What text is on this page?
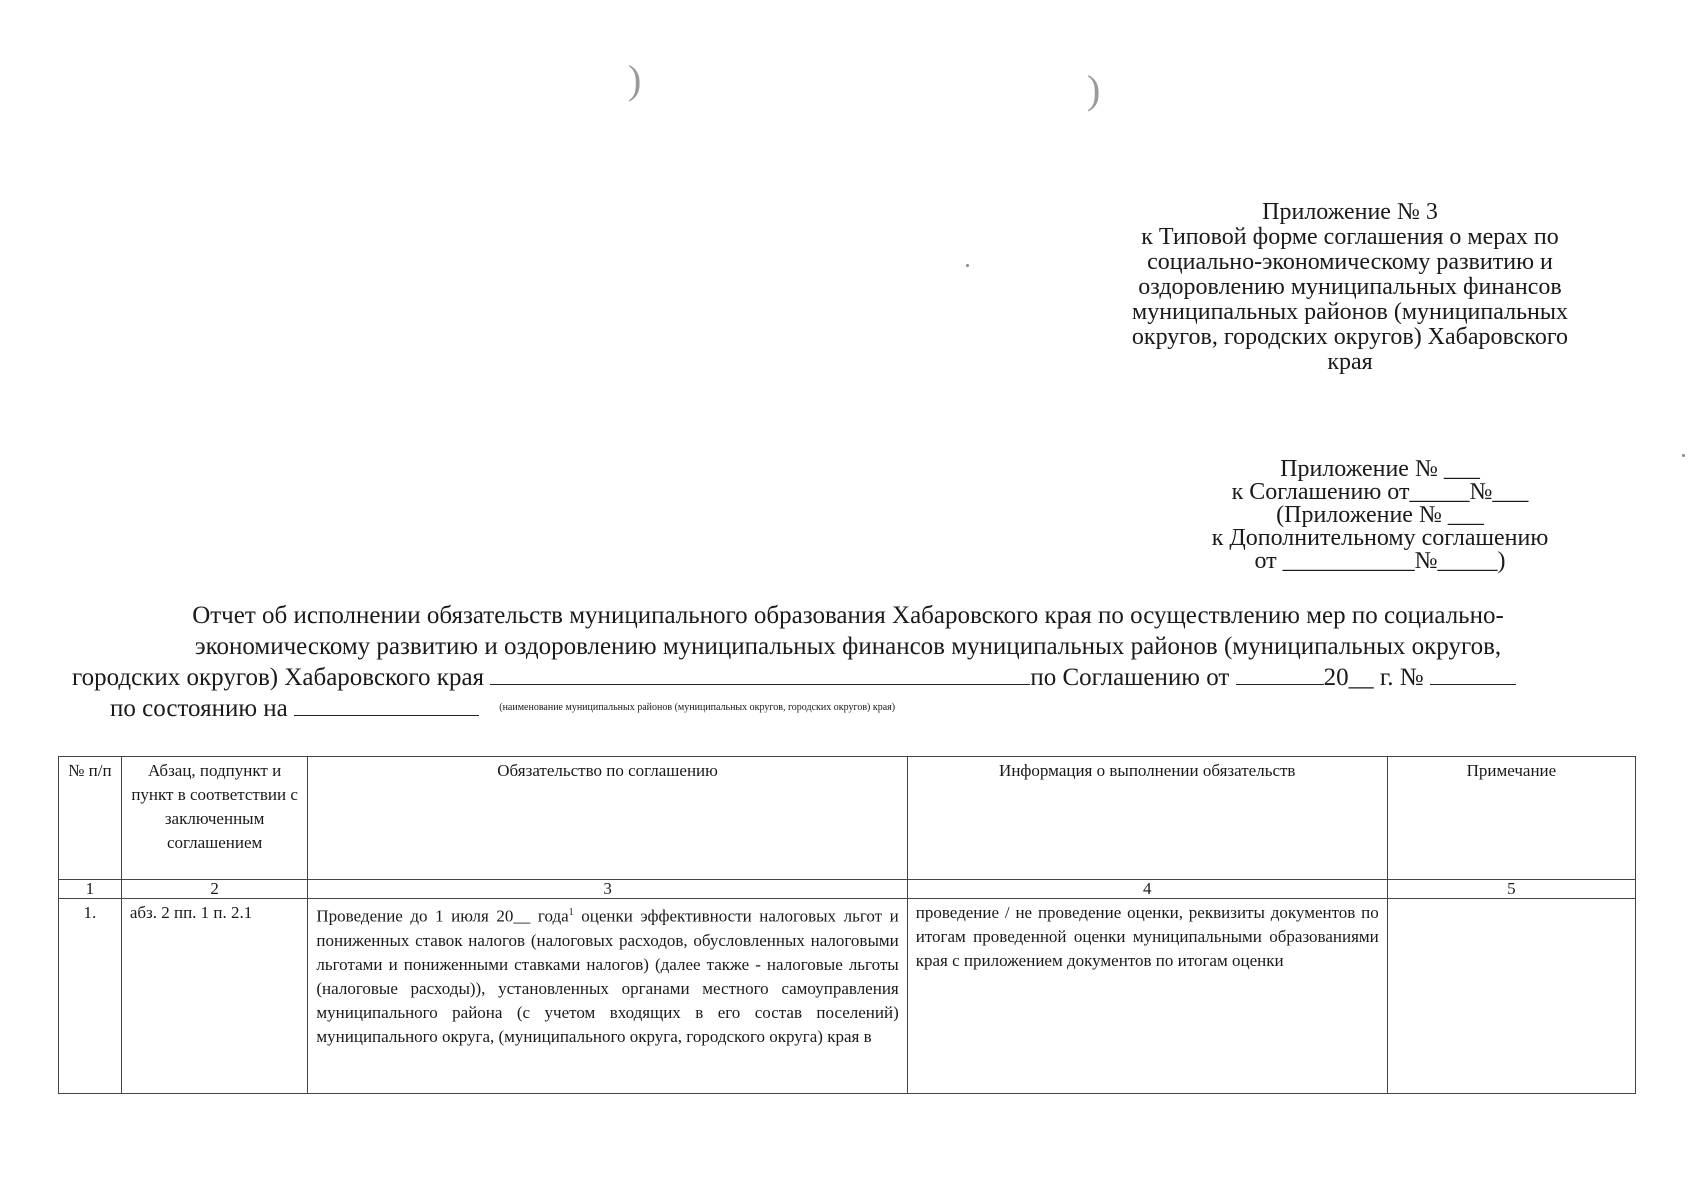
)	)
Приложение № 3
к Типовой форме соглашения о мерах по
социально-экономическому развитию и
оздоровлению муниципальных финансов
муниципальных районов (муниципальных
округов, городских округов) Хабаровского
края
Приложение № ___
к Соглашению от_____№___
(Приложение № ___
к Дополнительному соглашению
от ___________№_____)
Отчет об исполнении обязательств муниципального образования Хабаровского края по осуществлению мер по социально-
экономическому развитию и оздоровлению муниципальных финансов муниципальных районов (муниципальных округов,
городских округов) Хабаровского края	по Соглашению от	20__ г. №
по состоянию на	$^{(наименование муниципальных районов (муниципальных округов, городских округов) края)}$
№ п/п	Абзац, подпункт и пункт в соответствии с заключенным соглашением	Обязательство по соглашению	Информация о выполнении обязательств	Примечание
1	2	3	4	5
1.	абз. 2 пп. 1 п. 2.1	Проведение до 1 июля 20__ года$^1$ оценки эффективности налоговых льгот и пониженных ставок налогов (налоговых расходов, обусловленных налоговыми льготами и пониженными ставками налогов) (далее также - налоговые льготы (налоговые расходы)), установленных органами местного самоуправления муниципального района (с учетом входящих в его состав поселений) муниципального округа, (муниципального округа, городского округа) края в	проведение / не проведение оценки, реквизиты документов по итогам проведенной оценки муниципальными образованиями края с приложением документов по итогам оценки	
